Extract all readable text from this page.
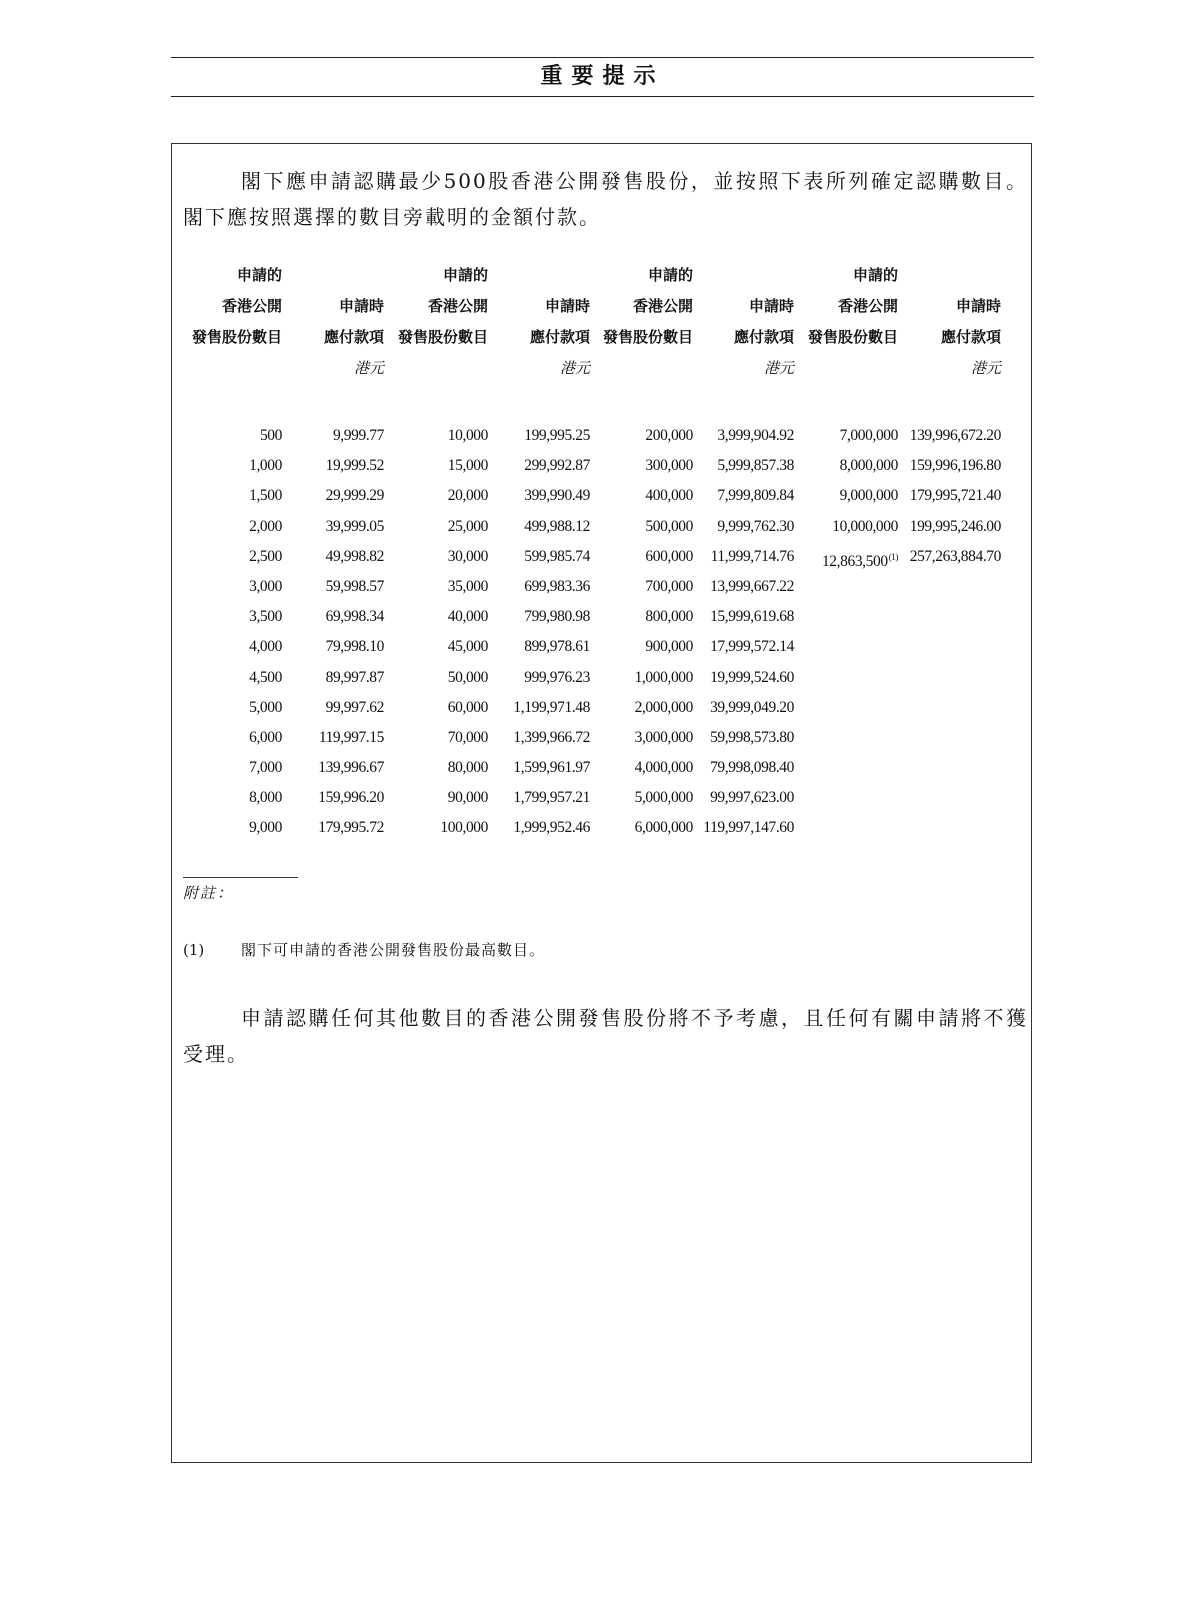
重要提示

閣下應申請認購最少500股香港公開發售股份，並按照下表所列確定認購數目。 閣下應按照選擇的數目旁載明的金額付款。

申請的
香港公開
發售股份數目
申請時
應付款項
港元
申請的
香港公開
發售股份數目
申請時
應付款項
港元
申請的
香港公開
發售股份數目
申請時
應付款項
港元
申請的
香港公開
發售股份數目
申請時
應付款項
港元
500
1,000
1,500
2,000
2,500
3,000
3,500
4,000
4,500
5,000
6,000
7,000
8,000
9,000
9,999.77
19,999.52
29,999.29
39,999.05
49,998.82
59,998.57
69,998.34
79,998.10
89,997.87
99,997.62
119,997.15
139,996.67
159,996.20
179,995.72
10,000
15,000
20,000
25,000
30,000
35,000
40,000
45,000
50,000
60,000
70,000
80,000
90,000
100,000
199,995.25
299,992.87
399,990.49
499,988.12
599,985.74
699,983.36
799,980.98
899,978.61
999,976.23
1,199,971.48
1,399,966.72
1,599,961.97
1,799,957.21
1,999,952.46
200,000
300,000
400,000
500,000
600,000
700,000
800,000
900,000
1,000,000
2,000,000
3,000,000
4,000,000
5,000,000
6,000,000
3,999,904.92
5,999,857.38
7,999,809.84
9,999,762.30
11,999,714.76
13,999,667.22
15,999,619.68
17,999,572.14
19,999,524.60
39,999,049.20
59,998,573.80
79,998,098.40
99,997,623.00
119,997,147.60
7,000,000
8,000,000
9,000,000
10,000,000
12,863,500$^{(1)}$
139,996,672.20
159,996,196.80
179,995,721.40
199,995,246.00
257,263,884.70
附註：
(1) 閣下可申請的香港公開發售股份最高數目。

申請認購任何其他數目的香港公開發售股份將不予考慮，且任何有關申請將不獲受理。
